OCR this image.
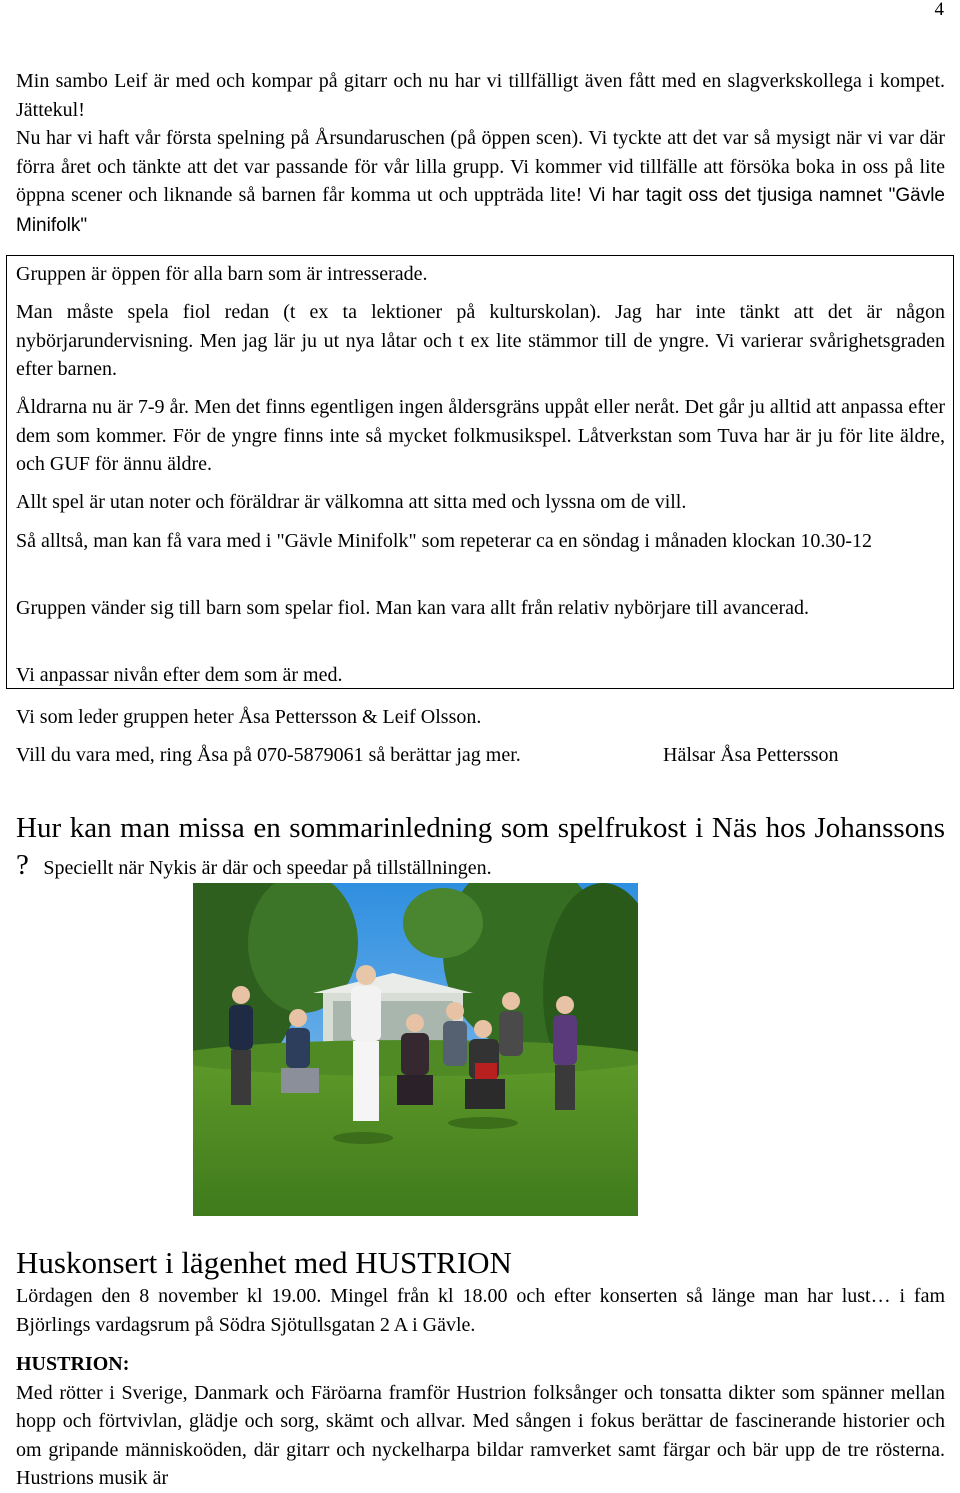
4

Min sambo Leif är med och kompar på gitarr och nu har vi tillfälligt även fått med en slagverkskollega i kompet. Jättekul!

Nu har vi haft vår första spelning på Årsundaruschen (på öppen scen). Vi tyckte att det var så mysigt när vi var där förra året och tänkte att det var passande för vår lilla grupp. Vi kommer vid tillfälle att försöka boka in oss på lite öppna scener och liknande så barnen får komma ut och uppträda lite! Vi har tagit oss det tjusiga namnet "Gävle Minifolk"

Gruppen är öppen för alla barn som är intresserade.

Man måste spela fiol redan (t ex ta lektioner på kulturskolan). Jag har inte tänkt att det är någon nybörjarundervisning. Men jag lär ju ut nya låtar och t ex lite stämmor till de yngre. Vi varierar svårighetsgraden efter barnen.

Åldrarna nu är 7-9 år. Men det finns egentligen ingen åldersgräns uppåt eller neråt. Det går ju alltid att anpassa efter dem som kommer. För de yngre finns inte så mycket folkmusikspel. Låtverkstan som Tuva har är ju för lite äldre, och GUF för ännu äldre.

Allt spel är utan noter och föräldrar är välkomna att sitta med och lyssna om de vill.

Så alltså, man kan få vara med i "Gävle Minifolk" som repeterar ca en söndag i månaden klockan 10.30-12

Gruppen vänder sig till barn som spelar fiol. Man kan vara allt från relativ nybörjare till avancerad.

Vi anpassar nivån efter dem som är med.

Vi som leder gruppen heter Åsa Pettersson & Leif Olsson.
Vill du vara med, ring Åsa på 070-5879061 så berättar jag mer.	Hälsar Åsa Pettersson
Hur kan man missa en sommarinledning som spelfrukost i Näs hos Johanssons ? Speciellt när Nykis är där och speedar på tillställningen.
Huskonsert i lägenhet med HUSTRION
Lördagen den 8 november kl 19.00. Mingel från kl 18.00 och efter konserten så länge man har lust… i fam Björlings vardagsrum på Södra Sjötullsgatan 2 A i Gävle.

HUSTRION:

Med rötter i Sverige, Danmark och Färöarna framför Hustrion folksånger och tonsatta dikter som spänner mellan hopp och förtvivlan, glädje och sorg, skämt och allvar. Med sången i fokus berättar de fascinerande historier och om gripande människoöden, där gitarr och nyckelharpa bildar ramverket samt färgar och bär upp de tre rösterna. Hustrions musik är
